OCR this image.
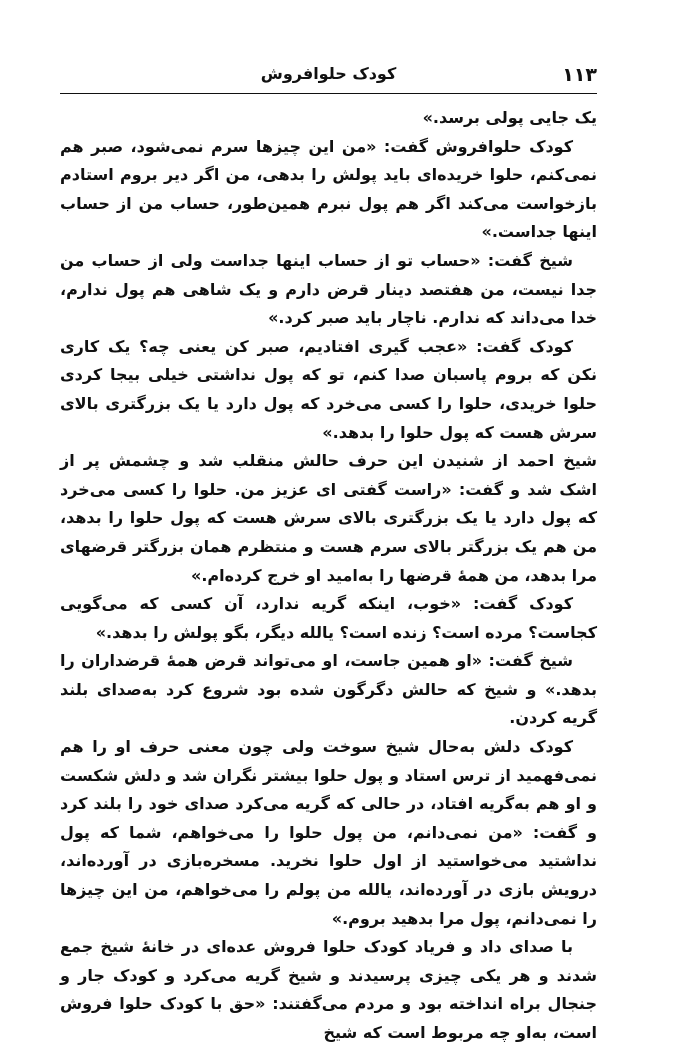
۱۱۳
کودک حلوافروش

یک جایی پولی برسد.»

کودک حلوافروش گفت: «من این چیزها سرم نمی‌شود، صبر هم نمی‌کنم، حلوا خریده‌ای باید پولش را بدهی، من اگر دیر بروم استادم بازخواست می‌کند اگر هم پول نبرم همین‌طور، حساب من از حساب اینها جداست.»

شیخ گفت: «حساب تو از حساب اینها جداست ولی از حساب من جدا نیست، من هفتصد دینار قرض دارم و یک شاهی هم پول ندارم، خدا می‌داند که ندارم. ناچار باید صبر کرد.»

کودک گفت: «عجب گیری افتادیم، صبر کن یعنی چه؟ یک کاری نکن که بروم پاسبان صدا کنم، تو که پول نداشتی خیلی بیجا کردی حلوا خریدی، حلوا را کسی می‌خرد که پول دارد یا یک بزرگتری بالای سرش هست که پول حلوا را بدهد.»

شیخ احمد از شنیدن این حرف حالش منقلب شد و چشمش پر از اشک شد و گفت: «راست گفتی ای عزیز من. حلوا را کسی می‌خرد که پول دارد یا یک بزرگتری بالای سرش هست که پول حلوا را بدهد، من هم یک بزرگتر بالای سرم هست و منتظرم همان بزرگتر قرضهای مرا بدهد، من همهٔ قرضها را به‌امید او خرج کرده‌ام.»

کودک گفت: «خوب، اینکه گریه ندارد، آن کسی که می‌گویی کجاست؟ مرده است؟ زنده است؟ یالله دیگر، بگو پولش را بدهد.»

شیخ گفت: «او همین جاست، او می‌تواند قرض همهٔ قرضداران را بدهد.» و شیخ که حالش دگرگون شده بود شروع کرد به‌صدای بلند گریه کردن.

کودک دلش به‌حال شیخ سوخت ولی چون معنی حرف او را هم نمی‌فهمید از ترس استاد و پول حلوا بیشتر نگران شد و دلش شکست و او هم به‌گریه افتاد، در حالی که گریه می‌کرد صدای خود را بلند کرد و گفت: «من نمی‌دانم، من پول حلوا را می‌خواهم، شما که پول نداشتید می‌خواستید از اول حلوا نخرید. مسخره‌بازی در آورده‌اند، درویش بازی در آورده‌اند، یالله من پولم را می‌خواهم، من این چیزها را نمی‌دانم، پول مرا بدهید بروم.»

با صدای داد و فریاد کودک حلوا فروش عده‌ای در خانهٔ شیخ جمع شدند و هر یکی چیزی پرسیدند و شیخ گریه می‌کرد و کودک جار و جنجال براه انداخته بود و مردم می‌گفتند: «حق با کودک حلوا فروش است، به‌او چه مربوط است که شیخ
